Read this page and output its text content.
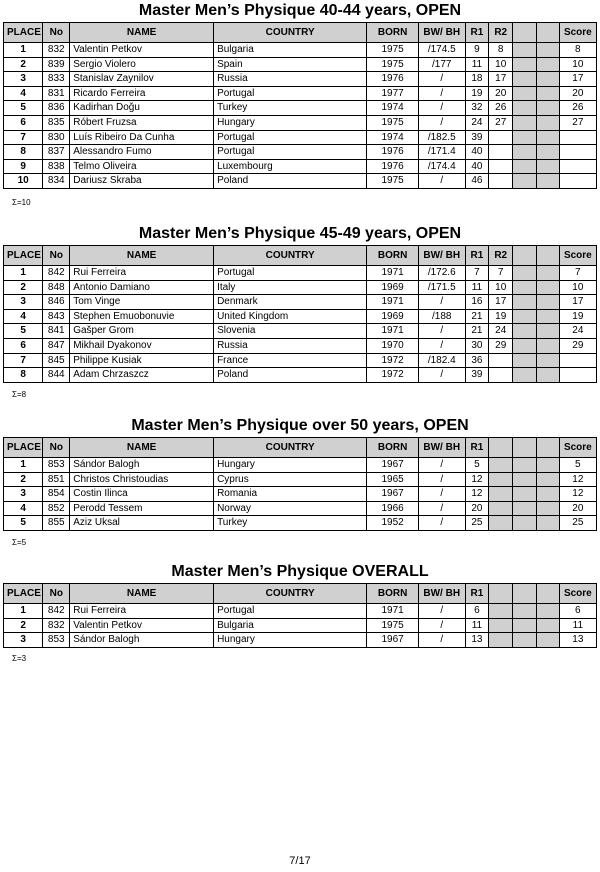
Master Men’s Physique 40-44 years, OPEN
PLACE	No	NAME	COUNTRY	BORN	BW/ BH	R1	R2			Score
1	832	Valentin Petkov	Bulgaria	1975	/174.5	9	8			8
2	839	Sergio Violero	Spain	1975	/177	11	10			10
3	833	Stanislav Zaynilov	Russia	1976	/	18	17			17
4	831	Ricardo Ferreira	Portugal	1977	/	19	20			20
5	836	Kadirhan Doğu	Turkey	1974	/	32	26			26
6	835	Róbert Fruzsa	Hungary	1975	/	24	27			27
7	830	Luís Ribeiro Da Cunha	Portugal	1974	/182.5	39				
8	837	Alessandro Fumo	Portugal	1976	/171.4	40				
9	838	Telmo Oliveira	Luxembourg	1976	/174.4	40				
10	834	Dariusz Skraba	Poland	1975	/	46				
Σ=10
Master Men’s Physique 45-49 years, OPEN
PLACE	No	NAME	COUNTRY	BORN	BW/ BH	R1	R2			Score
1	842	Rui Ferreira	Portugal	1971	/172.6	7	7			7
2	848	Antonio Damiano	Italy	1969	/171.5	11	10			10
3	846	Tom Vinge	Denmark	1971	/	16	17			17
4	843	Stephen Emuobonuvie	United Kingdom	1969	/188	21	19			19
5	841	Gašper Grom	Slovenia	1971	/	21	24			24
6	847	Mikhail Dyakonov	Russia	1970	/	30	29			29
7	845	Philippe Kusiak	France	1972	/182.4	36				
8	844	Adam Chrzaszcz	Poland	1972	/	39				
Σ=8
Master Men’s Physique over 50 years, OPEN
PLACE	No	NAME	COUNTRY	BORN	BW/ BH	R1				Score
1	853	Sándor Balogh	Hungary	1967	/	5				5
2	851	Christos Christoudias	Cyprus	1965	/	12				12
3	854	Costin Ilinca	Romania	1967	/	12				12
4	852	Perodd Tessem	Norway	1966	/	20				20
5	855	Aziz Uksal	Turkey	1952	/	25				25
Σ=5
Master Men’s Physique OVERALL
PLACE	No	NAME	COUNTRY	BORN	BW/ BH	R1				Score
1	842	Rui Ferreira	Portugal	1971	/	6				6
2	832	Valentin Petkov	Bulgaria	1975	/	11				11
3	853	Sándor Balogh	Hungary	1967	/	13				13
Σ=3
7/17
